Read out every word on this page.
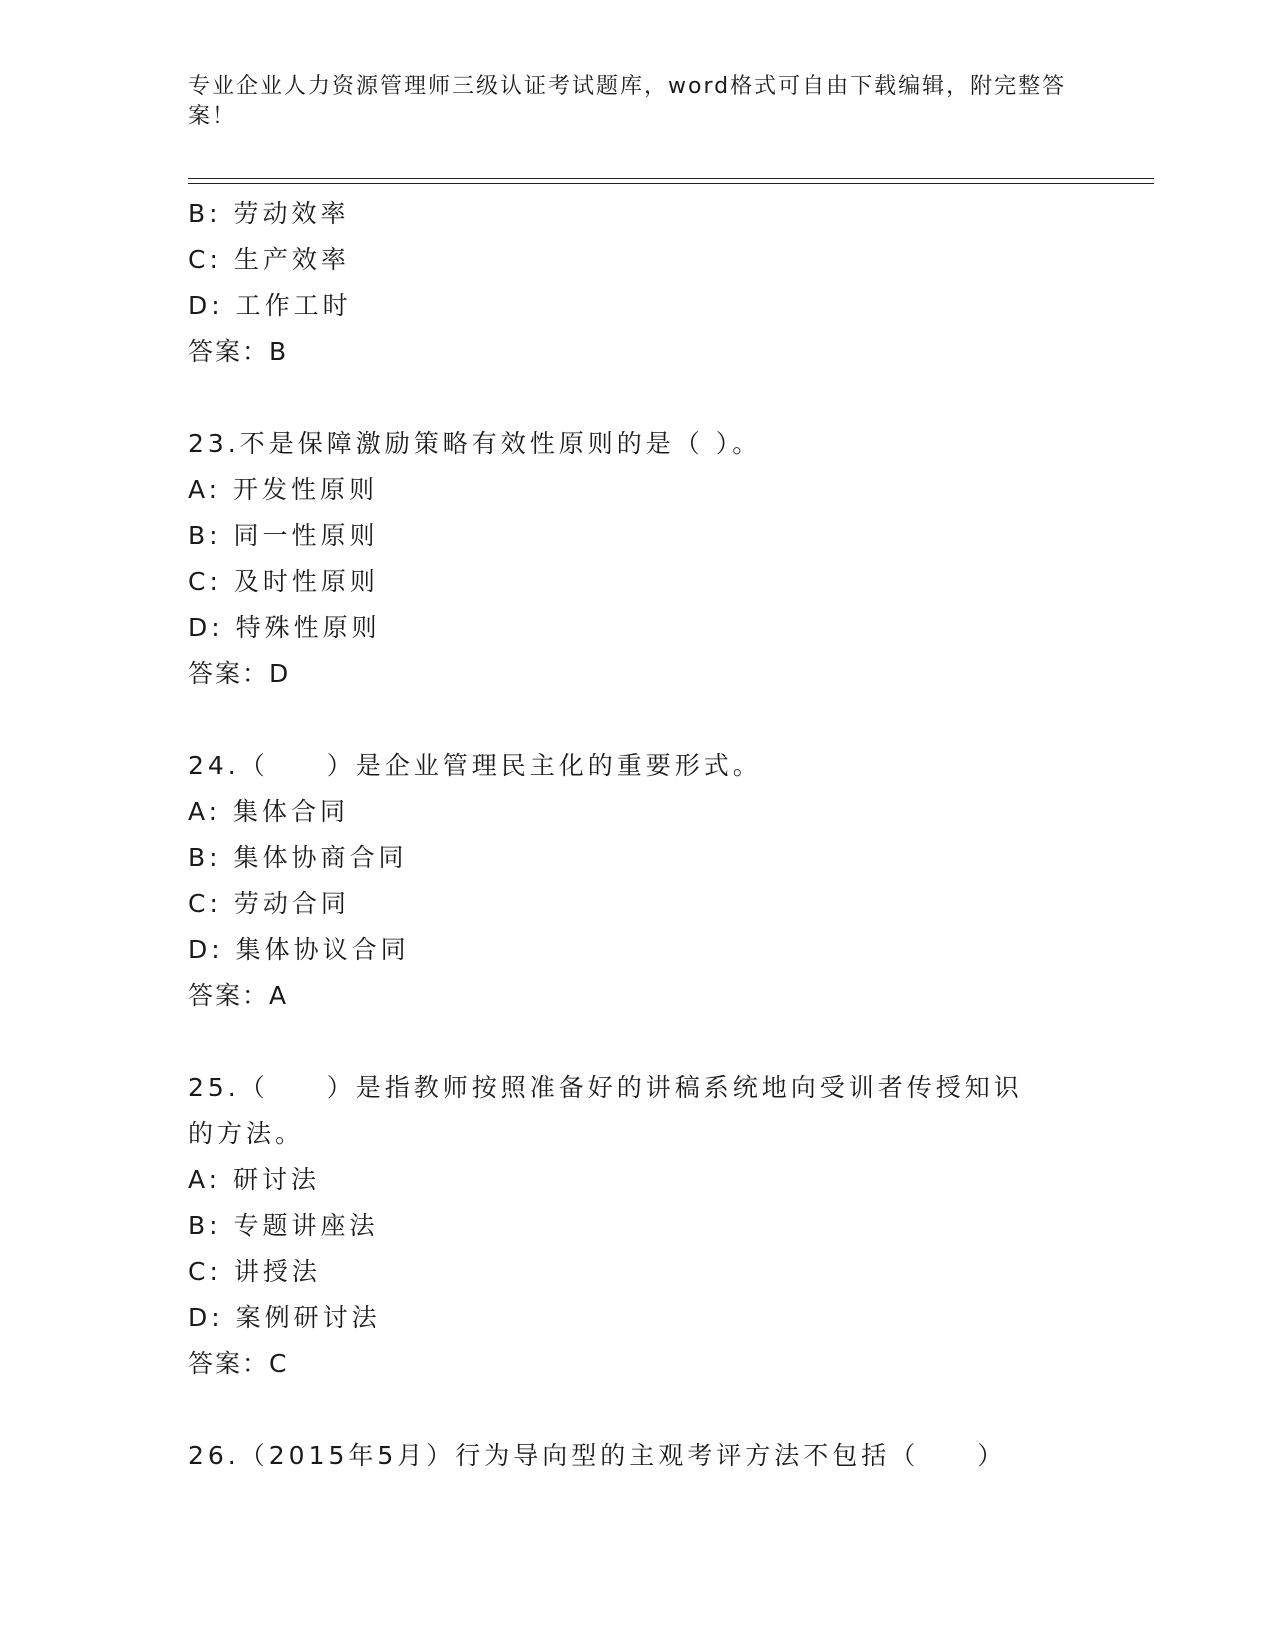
专业企业人力资源管理师三级认证考试题库，word格式可自由下载编辑，附完整答案！
B: 劳动效率
C: 生产效率
D: 工作工时
答案：B
23.不是保障激励策略有效性原则的是（ ）。
A: 开发性原则
B: 同一性原则
C: 及时性原则
D: 特殊性原则
答案：D
24.（　　）是企业管理民主化的重要形式。
A: 集体合同
B: 集体协商合同
C: 劳动合同
D: 集体协议合同
答案：A
25.（　　）是指教师按照准备好的讲稿系统地向受训者传授知识的方法。
A: 研讨法
B: 专题讲座法
C: 讲授法
D: 案例研讨法
答案：C
26.（2015年5月）行为导向型的主观考评方法不包括（　　）
